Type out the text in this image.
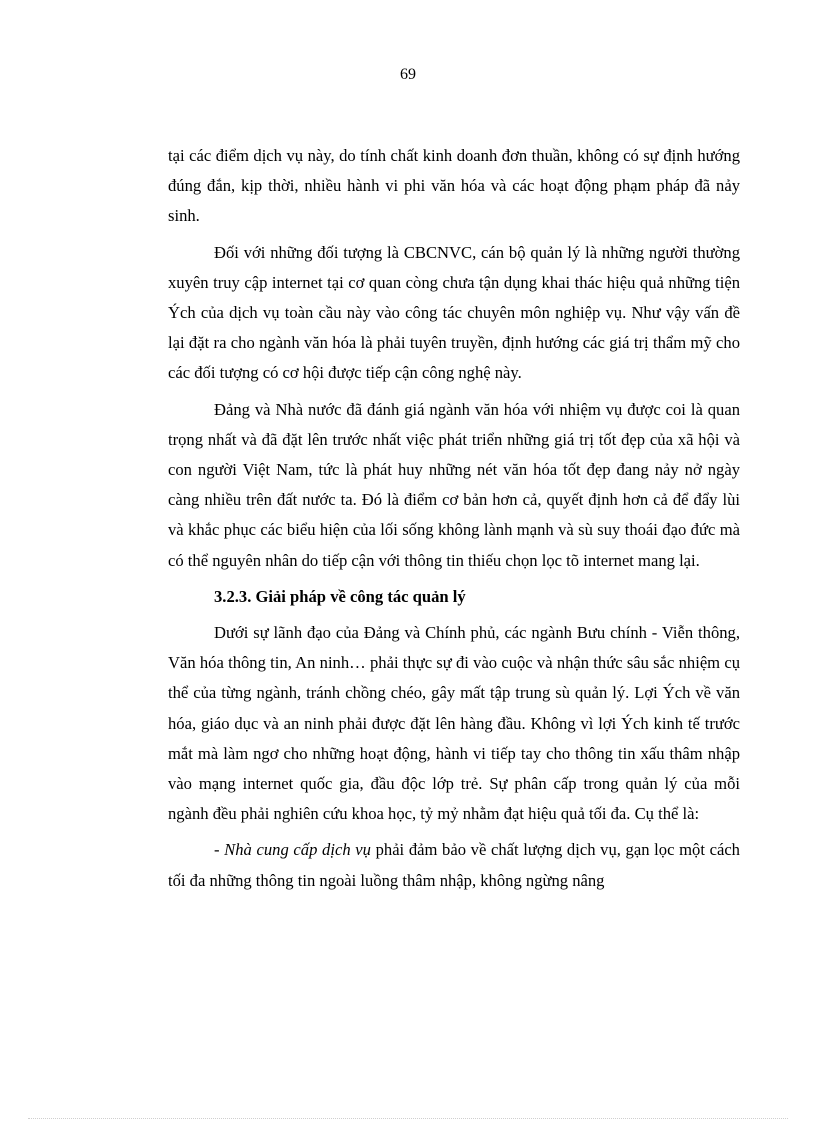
69

tại các điểm dịch vụ này, do tính chất kinh doanh đơn thuần, không có sự định hướng đúng đắn, kịp thời, nhiều hành vi phi văn hóa và các hoạt động phạm pháp đã nảy sinh.

Đối với những đối tượng là CBCNVC, cán bộ quản lý là những người thường xuyên truy cập internet tại cơ quan còng chưa tận dụng khai thác hiệu quả những tiện Ých của dịch vụ toàn cầu này vào công tác chuyên môn nghiệp vụ. Như vậy vấn đề lại đặt ra cho ngành văn hóa là phải tuyên truyền, định hướng các giá trị thẩm mỹ cho các đối tượng có cơ hội được tiếp cận công nghệ này.

Đảng và Nhà nước đã đánh giá ngành văn hóa với nhiệm vụ được coi là quan trọng nhất và đã đặt lên trước nhất việc phát triển những giá trị tốt đẹp của xã hội và con người Việt Nam, tức là phát huy những nét văn hóa tốt đẹp đang nảy nở ngày càng nhiều trên đất nước ta. Đó là điểm cơ bản hơn cả, quyết định hơn cả để đẩy lùi và khắc phục các biểu hiện của lối sống không lành mạnh và sù suy thoái đạo đức mà có thể nguyên nhân do tiếp cận với thông tin thiếu chọn lọc tõ internet mang lại.

3.2.3. Giải pháp về công tác quản lý

Dưới sự lãnh đạo của Đảng và Chính phủ, các ngành Bưu chính - Viễn thông, Văn hóa thông tin, An ninh… phải thực sự đi vào cuộc và nhận thức sâu sắc nhiệm cụ thể của từng ngành, tránh chồng chéo, gây mất tập trung sù quản lý. Lợi Ých về văn hóa, giáo dục và an ninh phải được đặt lên hàng đầu. Không vì lợi Ých kinh tế trước mắt mà làm ngơ cho những hoạt động, hành vi tiếp tay cho thông tin xấu thâm nhập vào mạng internet quốc gia, đầu độc lớp trẻ. Sự phân cấp trong quản lý của mỗi ngành đều phải nghiên cứu khoa học, tỷ mỷ nhằm đạt hiệu quả tối đa. Cụ thể là:

- Nhà cung cấp dịch vụ phải đảm bảo về chất lượng dịch vụ, gạn lọc một cách tối đa những thông tin ngoài luồng thâm nhập, không ngừng nâng
